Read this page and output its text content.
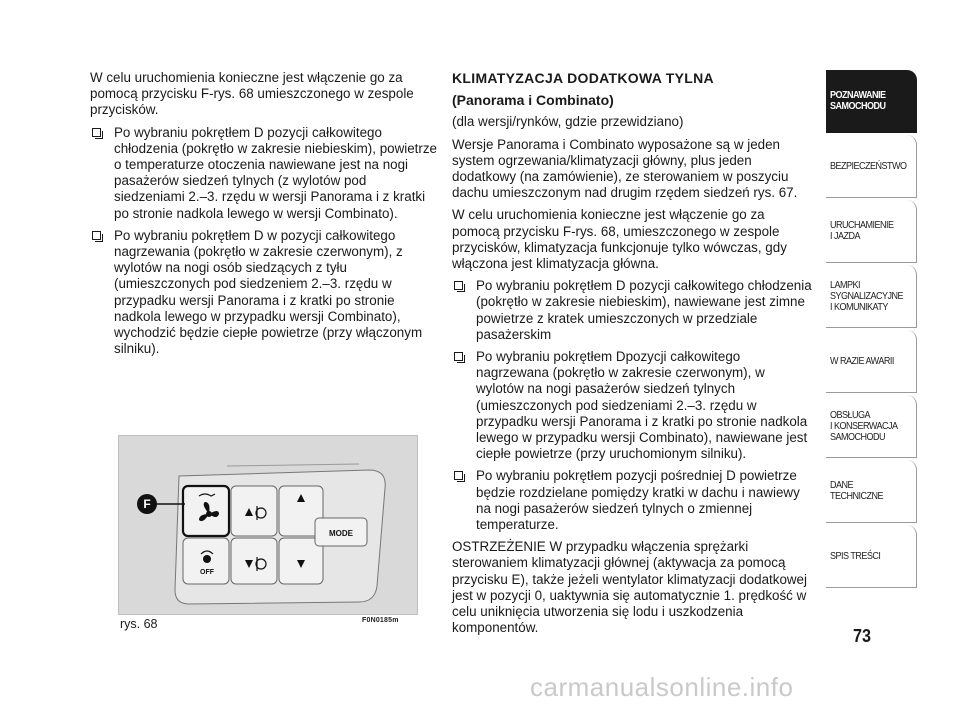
W celu uruchomienia konieczne jest włączenie go za pomocą przycisku F-rys. 68 umieszczonego w zespole przycisków.

Po wybraniu pokrętłem D pozycji całkowitego chłodzenia (pokrętło w zakresie niebieskim), powietrze o temperaturze otoczenia nawiewane jest na nogi pasażerów siedzeń tylnych (z wylotów pod siedzeniami 2.–3. rzędu w wersji Panorama i z kratki po stronie nadkola lewego w wersji Combinato).
Po wybraniu pokrętłem D w pozycji całkowitego nagrzewania (pokrętło w zakresie czerwonym), z wylotów na nogi osób siedzących z tyłu (umieszczonych pod siedzeniem 2.–3. rzędu w przypadku wersji Panorama i z kratki po stronie nadkola lewego w przypadku wersji Combinato), wychodzić będzie ciepłe powietrze (przy włączonym silniku).

KLIMATYZACJA DODATKOWA TYLNA

(Panorama i Combinato)

(dla wersji/rynków, gdzie przewidziano)

Wersje Panorama i Combinato wyposażone są w jeden system ogrzewania/klimatyzacji główny, plus jeden dodatkowy (na zamówienie), ze sterowaniem w poszyciu dachu umieszczonym nad drugim rzędem siedzeń rys. 67.

W celu uruchomienia konieczne jest włączenie go za pomocą przycisku F-rys. 68, umieszczonego w zespole przycisków, klimatyzacja funkcjonuje tylko wówczas, gdy włączona jest klimatyzacja główna.

Po wybraniu pokrętłem D pozycji całkowitego chłodzenia (pokrętło w zakresie niebieskim), nawiewane jest zimne powietrze z kratek umieszczonych w przedziale pasażerskim
Po wybraniu pokrętłem Dpozycji całkowitego nagrzewana (pokrętło w zakresie czerwonym), w wylotów na nogi pasażerów siedzeń tylnych (umieszczonych pod siedzeniami 2.–3. rzędu w przypadku wersji Panorama i z kratki po stronie nadkola lewego w przypadku wersji Combinato), nawiewane jest ciepłe powietrze (przy uruchomionym silniku).
Po wybraniu pokrętłem pozycji pośredniej D powietrze będzie rozdzielane pomiędzy kratki w dachu i nawiewy na nogi pasażerów siedzeń tylnych o zmiennej temperaturze.

OSTRZEŻENIE W przypadku włączenia sprężarki sterowaniem klimatyzacji głównej (aktywacja za pomocą przycisku E), także jeżeli wentylator klimatyzacji dodatkowej jest w pozycji 0, uaktywnia się automatycznie 1. prędkość w celu uniknięcia utworzenia się lodu i uszkodzenia komponentów.

MODE
OFF
F
rys. 68	F0N0185m
POZNAWANIE
SAMOCHODU
BEZPIECZEŃSTWO
URUCHAMIENIE
I JAZDA
LAMPKI
SYGNALIZACYJNE
I KOMUNIKATY
W RAZIE AWARII
OBSŁUGA
I KONSERWACJA
SAMOCHODU
DANE TECHNICZNE
SPIS TREŚCI
73
carmanualsonline.info
